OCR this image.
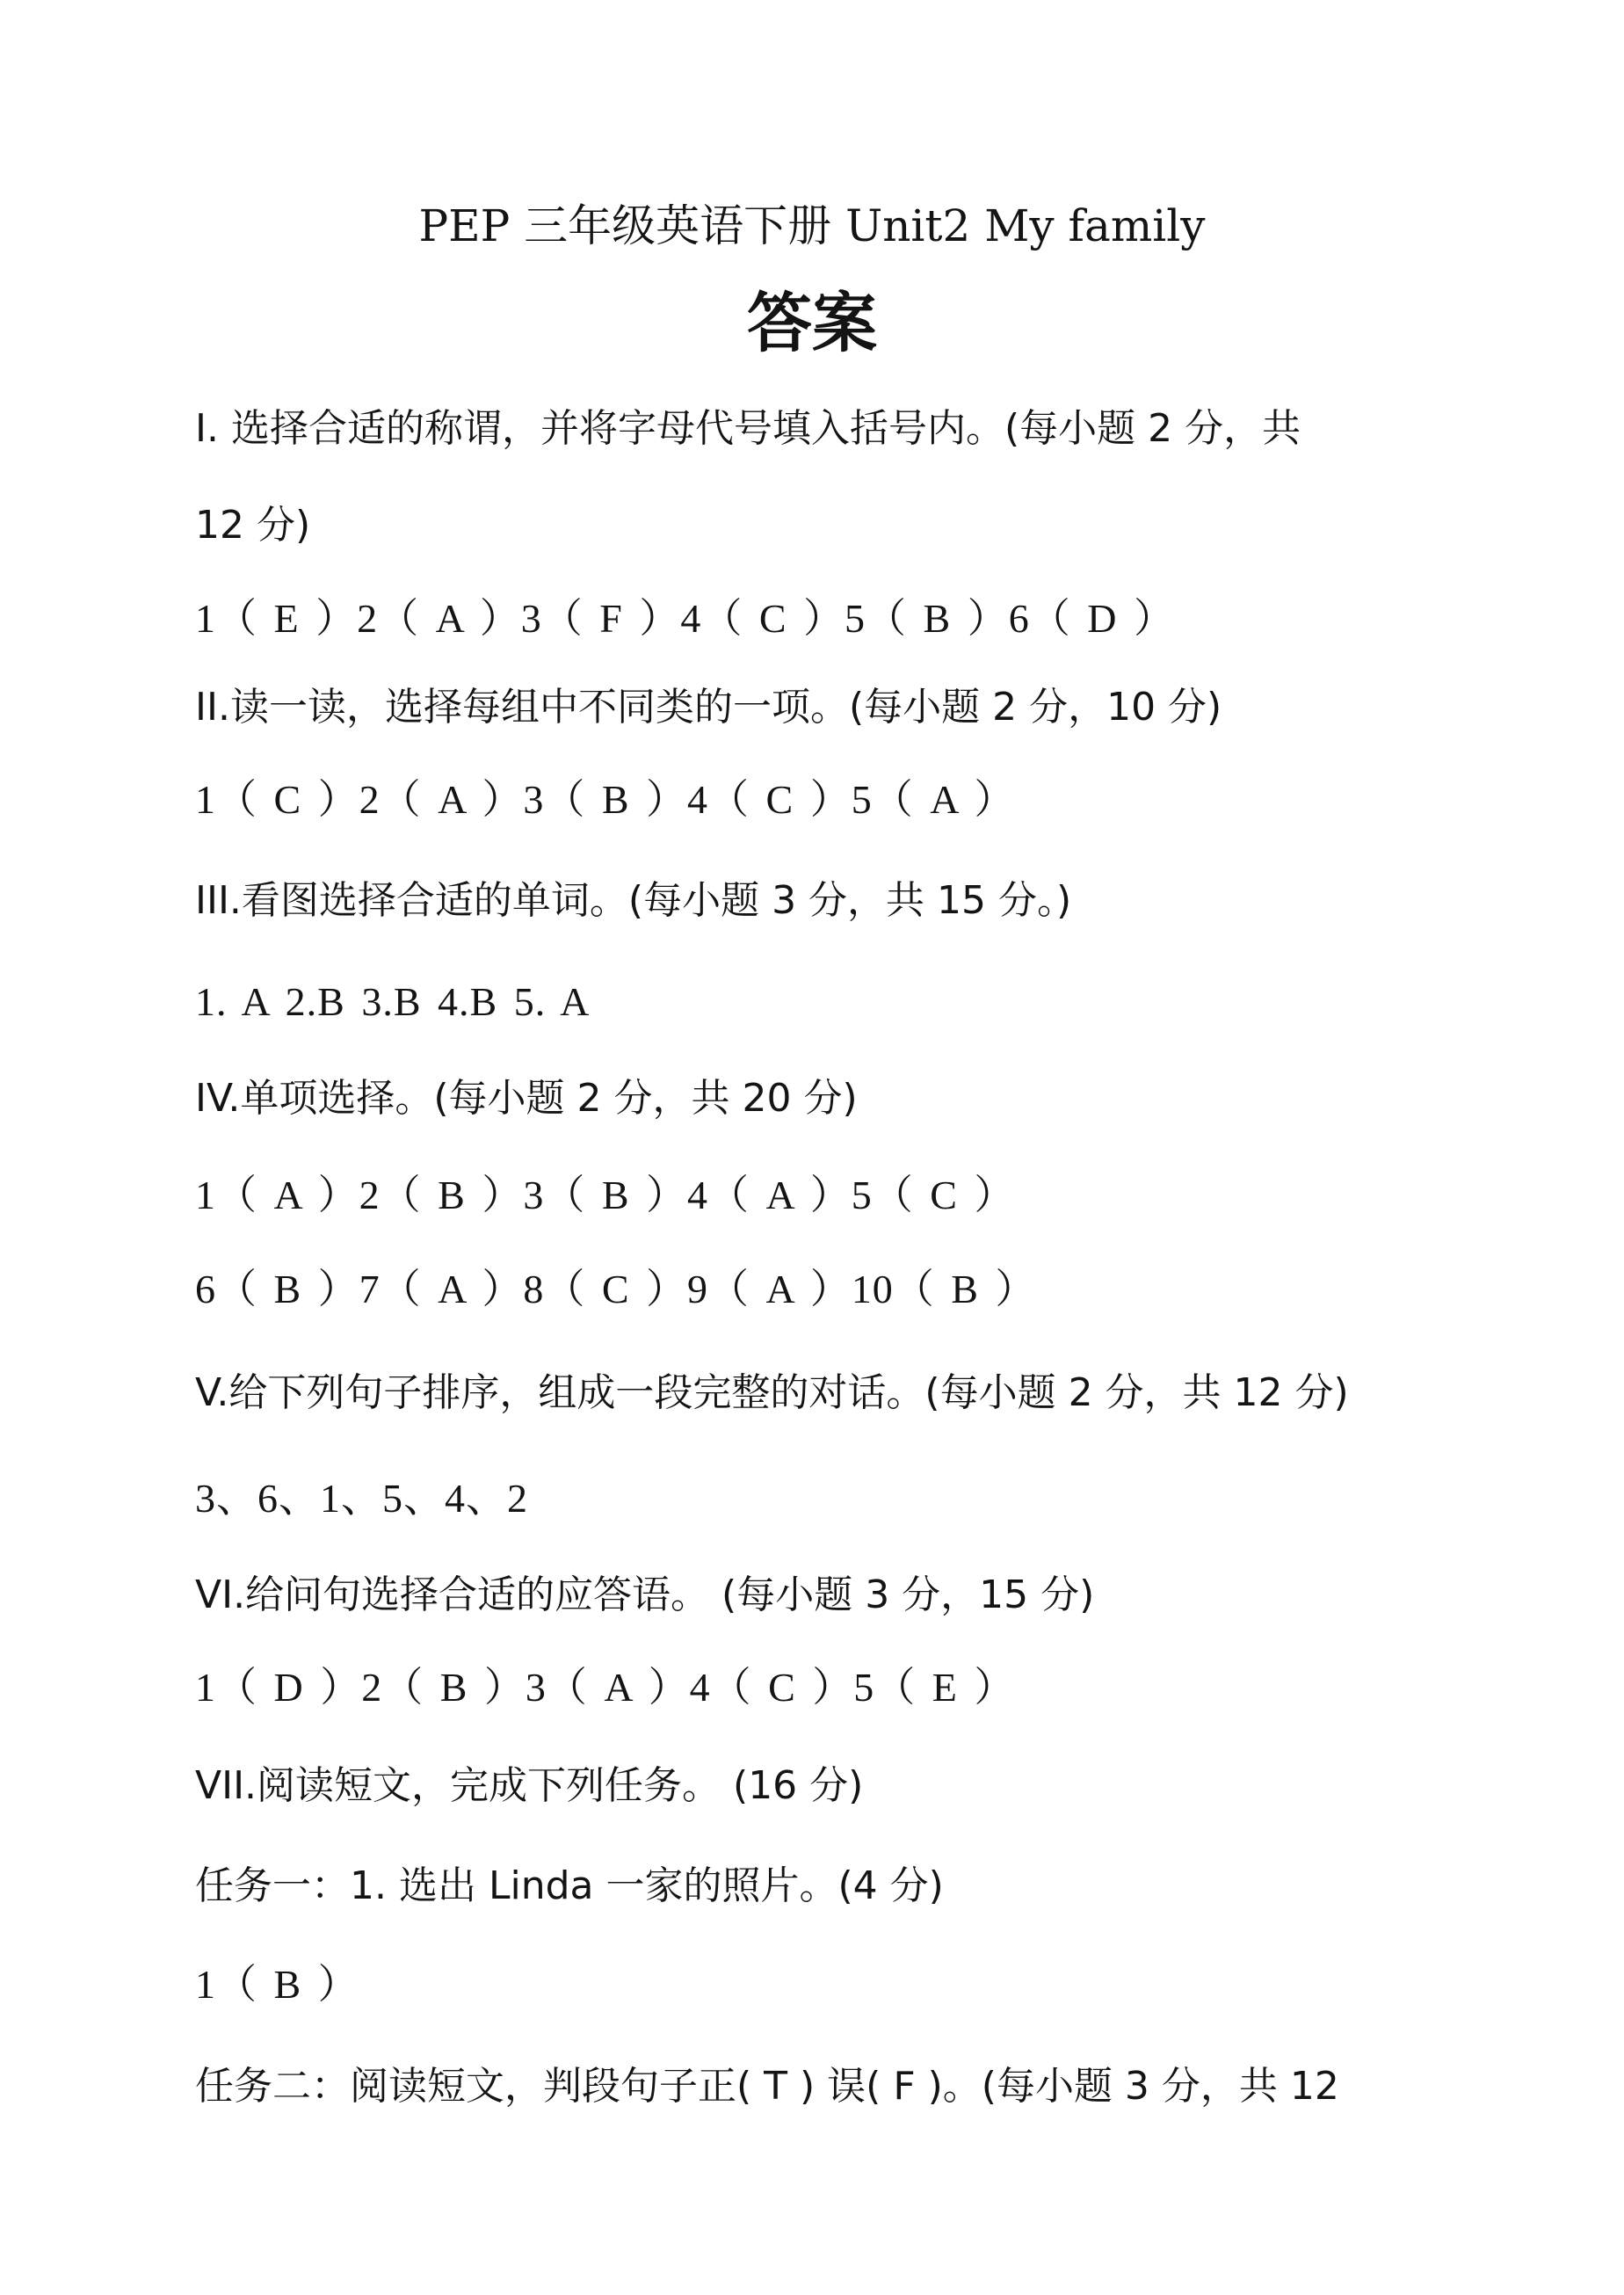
PEP 三年级英语下册 Unit2 My family
答案
I. 选择合适的称谓，并将字母代号填入括号内。(每小题 2 分，共
12 分)
1（ E ）2（ A ）3（ F ）4（ C ）5（ B ）6（ D ）
II.读一读，选择每组中不同类的一项。(每小题 2 分，10 分)
1（ C ）2（ A ）3（ B ）4（ C ）5（ A ）
III.看图选择合适的单词。(每小题 3 分，共 15 分。)
1. A 2.B 3.B 4.B 5. A
IV.单项选择。(每小题 2 分，共 20 分)
1（ A ）2（ B ）3（ B ）4（ A ）5（ C ）
6（ B ）7（ A ）8（ C ）9（ A ）10（ B ）
V.给下列句子排序，组成一段完整的对话。(每小题 2 分，共 12 分)
3、6、1、5、4、2
VI.给问句选择合适的应答语。 (每小题 3 分，15 分)
1（ D ）2（ B ）3（ A ）4（ C ）5（ E ）
VII.阅读短文，完成下列任务。 (16 分)
任务一：1. 选出 Linda 一家的照片。(4 分)
1（ B ）
任务二：阅读短文，判段句子正( T ) 误( F )。(每小题 3 分，共 12
